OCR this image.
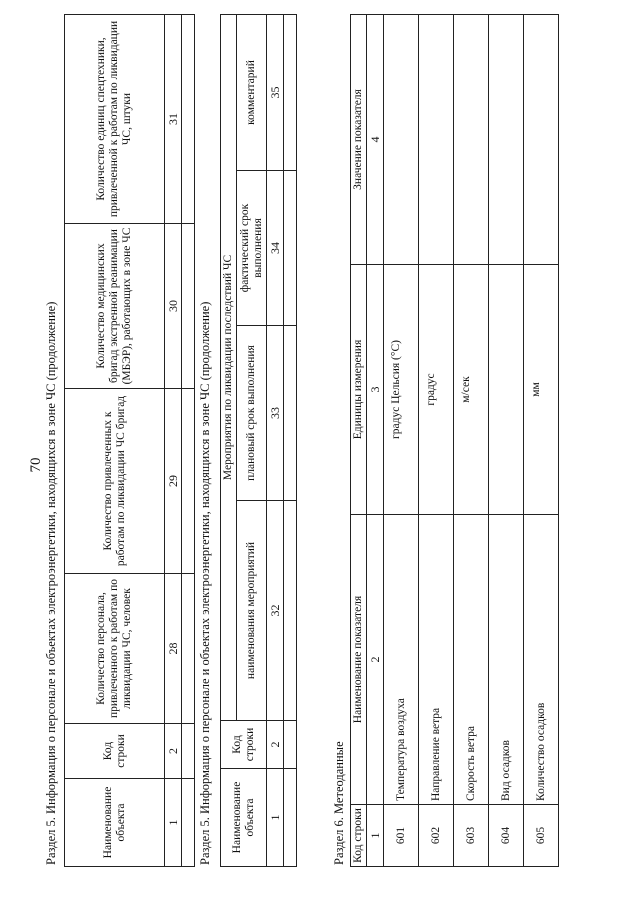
70 Раздел 5. Информация о персонале и объектах электроэнергетики, находящихся в зоне ЧС (продолжение)	Наименование объекта	Код строки	Количество персонала, привлеченного к работам по ликвидации ЧС, человек	Количество привлеченных к работам по ликвидации ЧС бригад	Количество медицинских бригад экстренной реанимации (МБЭР), работающих в зоне ЧС	Количество единиц спецтехники, привлеченной к работам по ликвидации ЧС, штуки
1	2	28	29	30	31

Раздел 5. Информация о персонале и объектах электроэнергетики, находящихся в зоне ЧС (продолжение) Наименование объекта	Код строки	Мероприятия по ликвидации последствий ЧС			
		наименования мероприятий	плановый срок выполнения	фактический срок выполнения	комментарий
1	2	32	33	34	35

Раздел 6. Метеоданные Код строки	Наименование показателя	Единицы измерения	Значение показателя
1	2	3	4
601	Температура воздуха	градус Цельсия (°C)	
602	Направление ветра	градус	
603	Скорость ветра	м/сек	
604	Вид осадков		
605	Количество осадков	мм	
